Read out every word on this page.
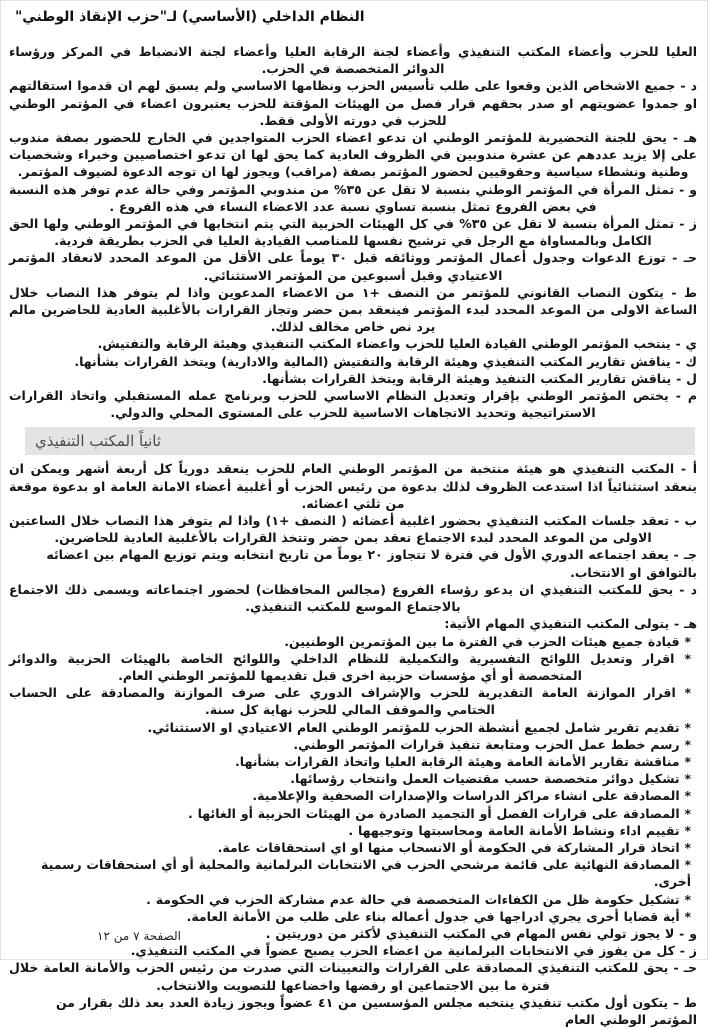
النظام الداخلي (الأساسي) لـ"حزب الإنقاذ الوطني"

العليا للحزب وأعضاء المكتب التنفيذي وأعضاء لجنة الرقابة العليا وأعضاء لجنة الانضباط في المركز ورؤساء الدوائر المتخصصة في الحزب.

د - جميع الاشخاص الذين وقعوا على طلب تأسيس الحزب ونظامها الاساسي ولم يسبق لهم ان قدموا استقالتهم او جمدوا عضويتهم او صدر بحقهم قرار فصل من الهيئات المؤقتة للحزب يعتبرون اعضاء في المؤتمر الوطني للحزب في دورته الأولى فقط.

هـ - يحق للجنة التحضيرية للمؤتمر الوطني ان تدعو اعضاء الحزب المتواجدين في الخارج للحضور بصفة مندوب على إلا يزيد عددهم عن عشرة مندوبين في الظروف العادية كما يحق لها ان تدعو اختصاصيين وخبراء وشخصيات وطنية ونشطاء سياسية وحقوقيين لحضور المؤتمر بصفة (مراقب) ويجوز لها ان توجه الدعوة لضيوف المؤتمر.

و - تمثل المرأة في المؤتمر الوطني بنسبة لا تقل عن ٣٥% من مندوبي المؤتمر وفي حالة عدم توفر هذه النسبة في بعض الفروع تمثل بنسبة تساوي نسبة عدد الاعضاء النساء في هذه الفروع .

ز - تمثل المرأة بنسبة لا تقل عن ٣٥% في كل الهيئات الحزبية التي يتم انتخابها في المؤتمر الوطني ولها الحق الكامل وبالمساواة مع الرجل في ترشيح نفسها للمناصب القيادية العليا في الحزب بطريقة فردية.

حـ - توزع الدعوات وجدول أعمال المؤتمر ووثائقه قبل ٣٠ يوماً على الأقل من الموعد المحدد لانعقاد المؤتمر الاعتيادي وقبل أسبوعين من المؤتمر الاستثنائي.

ط - يتكون النصاب القانوني للمؤتمر من النصف +١ من الاعضاء المدعوين واذا لم يتوفر هذا النصاب خلال الساعة الاولى من الموعد المحدد لبدء المؤتمر فينعقد بمن حضر وتجاز القرارات بالأغلبية العادية للحاضرين مالم يرد نص خاص مخالف لذلك.

ي - ينتخب المؤتمر الوطني القيادة العليا للحزب واعضاء المكتب التنفيذي وهيئة الرقابة والتفتيش.

ك - يناقش تقارير المكتب التنفيذي وهيئة الرقابة والتفتيش (المالية والادارية) ويتخذ القرارات بشأنها.

ل - يناقش تقارير المكتب التنفيذ وهيئة الرقابة ويتخذ القرارات بشأنها.

م - يختص المؤتمر الوطني بإقرار وتعديل النظام الاساسي للحزب وبرنامج عمله المستقبلي واتخاذ القرارات الاستراتيجية وتحديد الاتجاهات الاساسية للحزب على المستوى المحلي والدولي.

ثانياً المكتب التنفيذي

أ - المكتب التنفيذي هو هيئة منتخبة من المؤتمر الوطني العام للحزب ينعقد دورياً كل أربعة أشهر ويمكن ان ينعقد استثنائياً اذا استدعت الظروف لذلك بدعوة من رئيس الحزب أو أغلبية أعضاء الامانة العامة او بدعوة موقعة من ثلثي اعضائه.

ب - تعقد جلسات المكتب التنفيذي بحضور اغلبية أعضائه ( النصف +١) واذا لم يتوفر هذا النصاب خلال الساعتين الاولى من الموعد المحدد لبدء الاجتماع تعقد بمن حضر وتتخذ القرارات بالأغلبية العادية للحاضرين.

جـ - يعقد اجتماعه الدوري الأول في فترة لا تتجاوز ٢٠ يوماً من تاريخ انتخابه ويتم توزيع المهام بين اعضائه بالتوافق او الانتخاب.

د - يحق للمكتب التنفيذي ان يدعو رؤساء الفروع (مجالس المحافظات) لحضور اجتماعاته ويسمى ذلك الاجتماع بالاجتماع الموسع للمكتب التنفيذي.

هـ - يتولى المكتب التنفيذي المهام الأتية:

* قيادة جميع هيئات الحزب في الفترة ما بين المؤتمرين الوطنيين.

* اقرار وتعديل اللوائح التفسيرية والتكميلية للنظام الداخلي واللوائح الخاصة بالهيئات الحزبية والدوائر المتخصصة أو أي مؤسسات حزبية اخرى قبل تقديمها للمؤتمر الوطني العام.

* اقرار الموازنة العامة التقديرية للحزب والإشراف الدوري على صرف الموازنة والمصادقة على الحساب الختامي والموقف المالي للحزب نهاية كل سنة.

* تقديم تقرير شامل لجميع أنشطة الحزب للمؤتمر الوطني العام الاعتيادي او الاستثنائي.

* رسم خطط عمل الحزب ومتابعة تنفيذ قرارات المؤتمر الوطني.

* مناقشة تقارير الأمانة العامة وهيئة الرقابة العليا واتخاذ القرارات بشأنها.

* تشكيل دوائر متخصصة حسب مقتضيات العمل وانتخاب رؤسائها.

* المصادقة على انشاء مراكز الدراسات والإصدارات الصحفية والإعلامية.

* المصادقة على قرارات الفصل أو التجميد الصادرة من الهيئات الحزبية أو الغائها .

* تقييم اداء ونشاط الأمانة العامة ومحاسبتها وتوجيهها .

* اتخاذ قرار المشاركة في الحكومة أو الانسحاب منها او اي استحقاقات عامة.

* المصادقة النهائية على قائمة مرشحي الحزب في الانتخابات البرلمانية والمحلية أو أي استحقاقات رسمية أخرى.

* تشكيل حكومة ظل من الكفاءات المتخصصة في حالة عدم مشاركة الحزب في الحكومة .

* أية قضايا أخرى يجري ادراجها في جدول أعماله بناء على طلب من الأمانة العامة.

و - لا يجوز تولي نفس المهام في المكتب التنفيذي لأكثر من دوريتين .

ز - كل من يفوز في الانتخابات البرلمانية من اعضاء الحزب يصبح عضواً في المكتب التنفيذي.

حـ - يحق للمكتب التنفيذي المصادقة على القرارات والتعيينات التي صدرت من رئيس الحزب والأمانة العامة خلال فترة ما بين الاجتماعين او رفضها واخضاعها للتصويت والانتخاب.

ط – يتكون أول مكتب تنفيذي ينتخبه مجلس المؤسسين من ٤١ عضواً ويجوز زيادة العدد بعد ذلك بقرار من المؤتمر الوطني العام

الصفحة ٧ من ١٢
